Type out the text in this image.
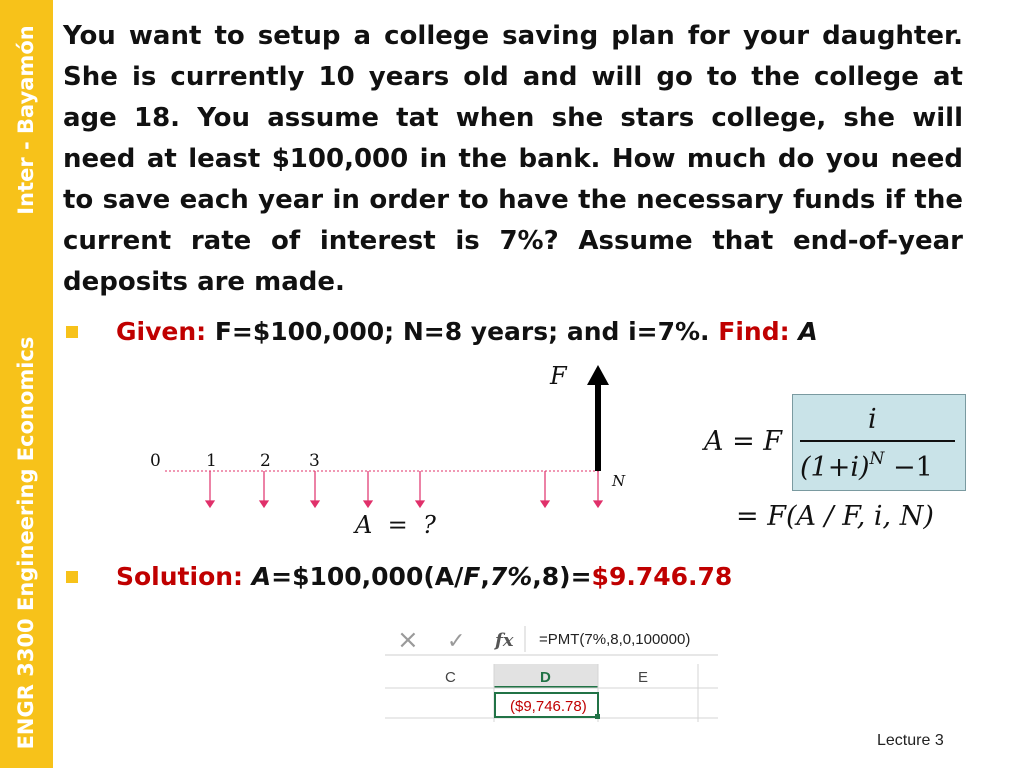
Inter - Bayamón
ENGR 3300 Engineering Economics

You want to setup a college saving plan for your daughter. She is currently 10 years old and will go to the college at age 18. You assume tat when she stars college, she will need at least $100,000 in the bank. How much do you need to save each year in order to have the necessary funds if the current rate of interest is 7%? Assume that end-of-year deposits are made.

Given: F=$100,000; N=8 years; and i=7%. Find: A
F
0	1	2 3
N
A  =  ?
A = F
i
$(1+i)^N -1$
= F(A / F, i, N)
Solution: A=$100,000(A/F,7%,8)=$9.746.78
× ✓ fx =PMT(7%,8,0,100000)
C	D	E
($9,746.78)
Lecture 3
